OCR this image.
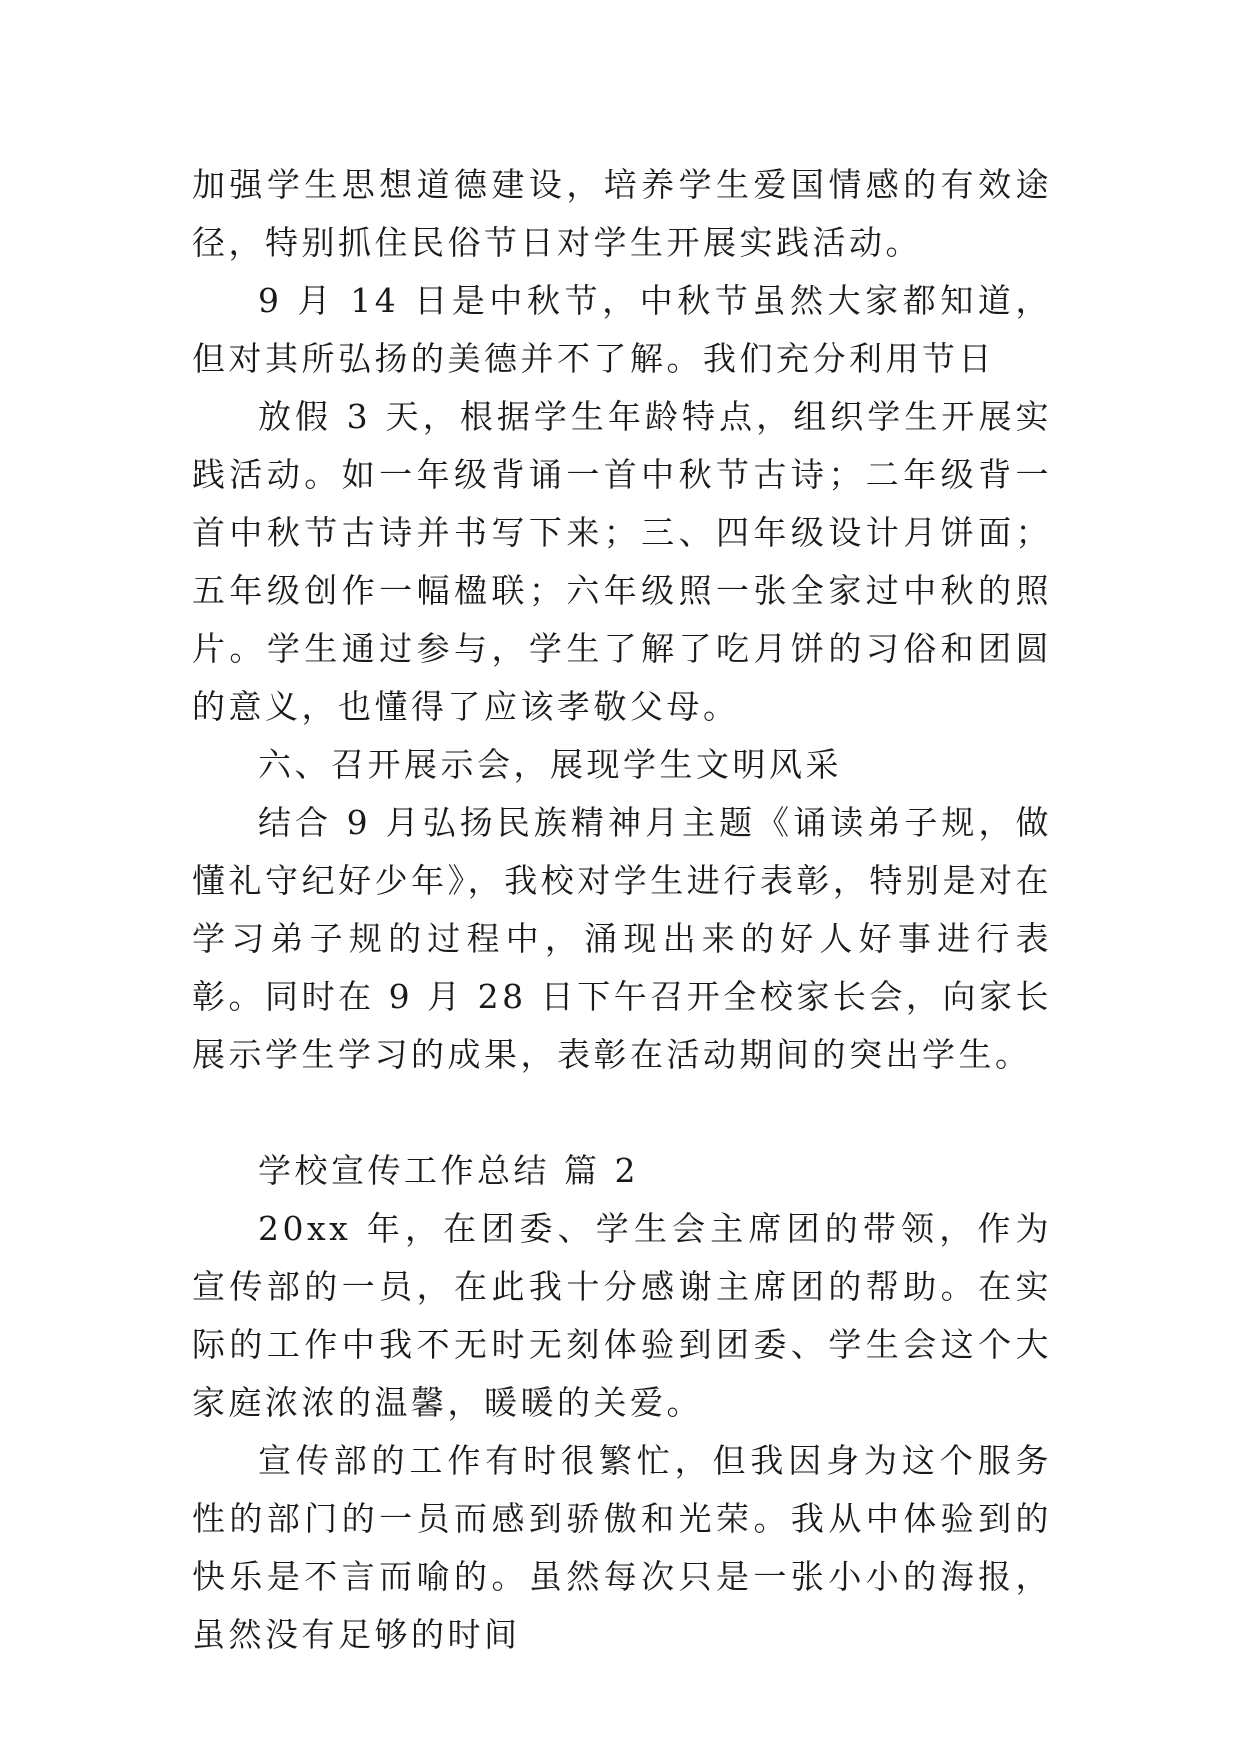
加强学生思想道德建设，培养学生爱国情感的有效途径，特别抓住民俗节日对学生开展实践活动。

9 月 14 日是中秋节，中秋节虽然大家都知道，但对其所弘扬的美德并不了解。我们充分利用节日

放假 3 天，根据学生年龄特点，组织学生开展实践活动。如一年级背诵一首中秋节古诗；二年级背一首中秋节古诗并书写下来；三、四年级设计月饼面；五年级创作一幅楹联；六年级照一张全家过中秋的照片。学生通过参与，学生了解了吃月饼的习俗和团圆的意义，也懂得了应该孝敬父母。

六、召开展示会，展现学生文明风采

结合 9 月弘扬民族精神月主题《诵读弟子规，做懂礼守纪好少年》，我校对学生进行表彰，特别是对在学习弟子规的过程中，涌现出来的好人好事进行表彰。同时在 9 月 28 日下午召开全校家长会，向家长展示学生学习的成果，表彰在活动期间的突出学生。

学校宣传工作总结 篇 2

20xx 年，在团委、学生会主席团的带领，作为宣传部的一员，在此我十分感谢主席团的帮助。在实际的工作中我不无时无刻体验到团委、学生会这个大家庭浓浓的温馨，暖暖的关爱。

宣传部的工作有时很繁忙，但我因身为这个服务性的部门的一员而感到骄傲和光荣。我从中体验到的快乐是不言而喻的。虽然每次只是一张小小的海报，虽然没有足够的时间
